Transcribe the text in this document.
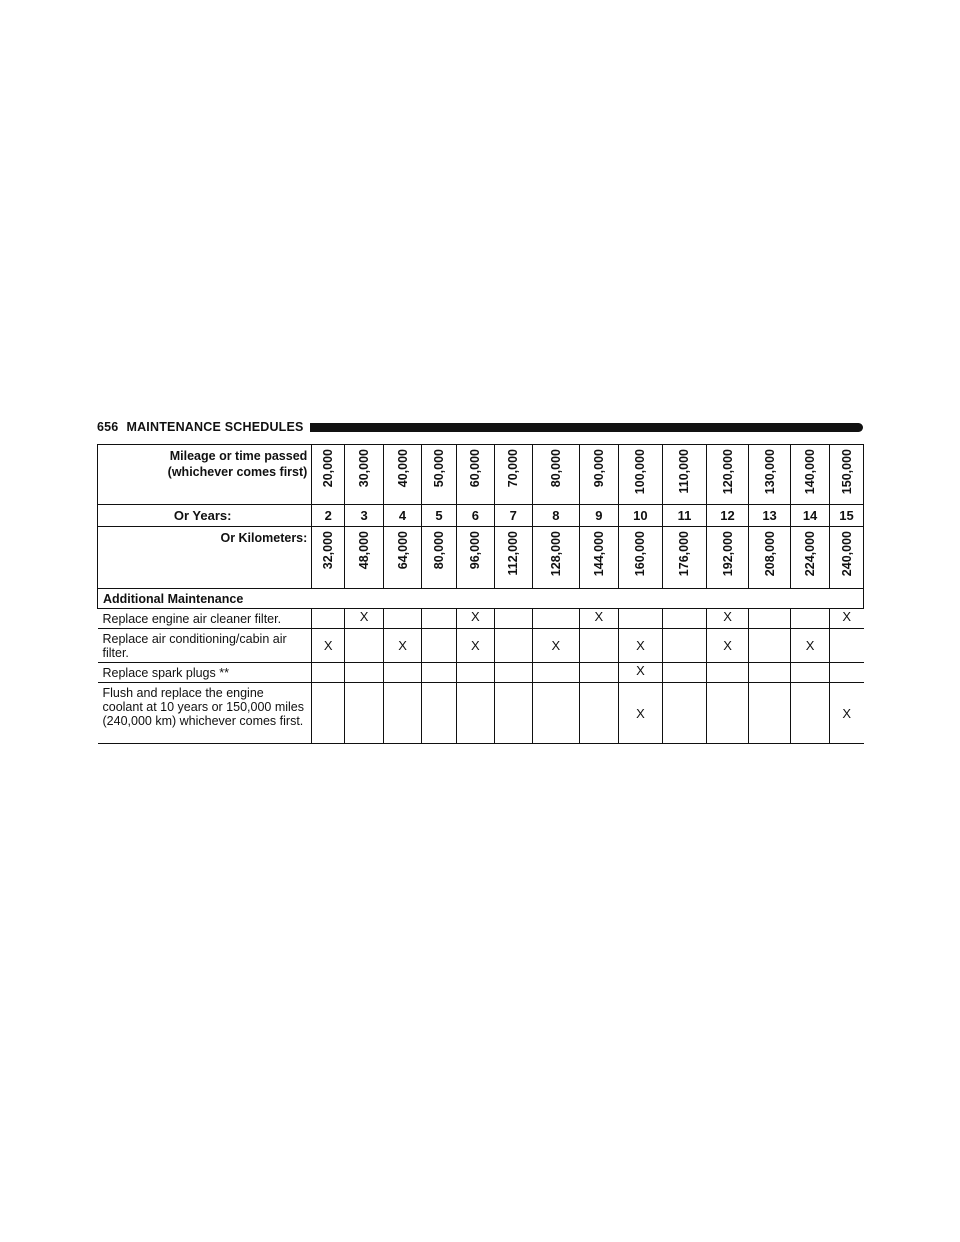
656 MAINTENANCE SCHEDULES
Mileage or time passed
(whichever comes first)	20,000	30,000	40,000	50,000	60,000	70,000	80,000	90,000	100,000	110,000	120,000	130,000	140,000	150,000

Or Years:	2	3	4	5	6	7	8	9	10	11	12	13	14	15
Or Kilometers:	32,000	48,000	64,000	80,000	96,000	112,000	128,000	144,000	160,000	176,000	192,000	208,000	224,000	240,000

Additional Maintenance														
Replace engine air cleaner filter.		X			X			X			X			X
Replace air conditioning/cabin air filter.	X		X		X		X		X		X		X	
Replace spark plugs **									X					
Flush and replace the engine coolant at 10 years or 150,000 miles (240,000 km) whichever comes first.									X					X
